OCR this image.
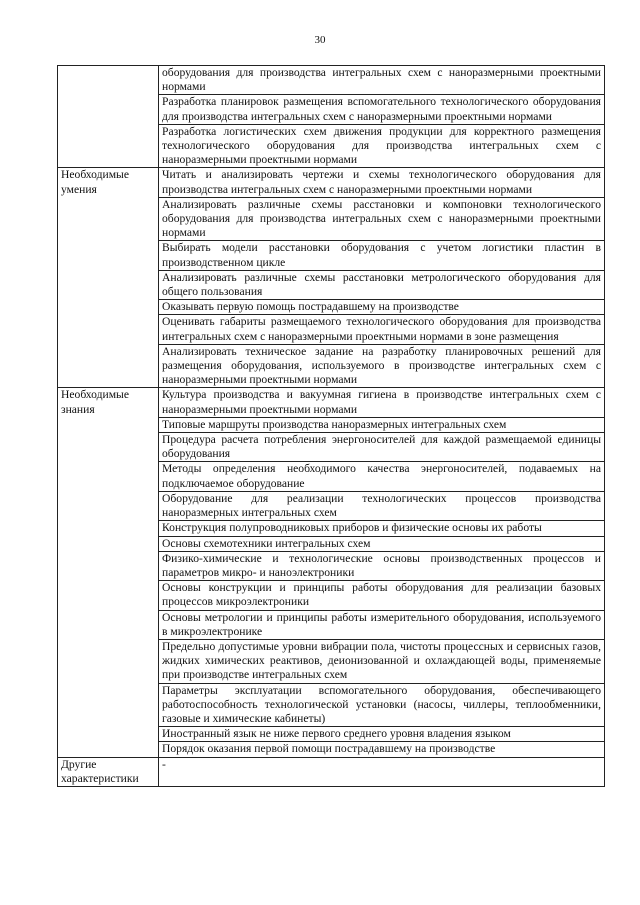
30
	оборудования для производства интегральных схем с наноразмерными проектными нормами
	Разработка планировок размещения вспомогательного технологического оборудования для производства интегральных схем с наноразмерными проектными нормами
	Разработка логистических схем движения продукции для корректного размещения технологического оборудования для производства интегральных схем с наноразмерными проектными нормами
Необходимые умения	Читать и анализировать чертежи и схемы технологического оборудования для производства интегральных схем с наноразмерными проектными нормами
	Анализировать различные схемы расстановки и компоновки технологического оборудования для производства интегральных схем с наноразмерными проектными нормами
	Выбирать модели расстановки оборудования с учетом логистики пластин в производственном цикле
	Анализировать различные схемы расстановки метрологического оборудования для общего пользования
	Оказывать первую помощь пострадавшему на производстве
	Оценивать габариты размещаемого технологического оборудования для производства интегральных схем с наноразмерными проектными нормами в зоне размещения
	Анализировать техническое задание на разработку планировочных решений для размещения оборудования, используемого в производстве интегральных схем с наноразмерными проектными нормами
Необходимые знания	Культура производства и вакуумная гигиена в производстве интегральных схем с наноразмерными проектными нормами
	Типовые маршруты производства наноразмерных интегральных схем
	Процедура расчета потребления энергоносителей для каждой размещаемой единицы оборудования
	Методы определения необходимого качества энергоносителей, подаваемых на подключаемое оборудование
	Оборудование для реализации технологических процессов производства наноразмерных интегральных схем
	Конструкция полупроводниковых приборов и физические основы их работы
	Основы схемотехники интегральных схем
	Физико-химические и технологические основы производственных процессов и параметров микро- и наноэлектроники
	Основы конструкции и принципы работы оборудования для реализации базовых процессов микроэлектроники
	Основы метрологии и принципы работы измерительного оборудования, используемого в микроэлектронике
	Предельно допустимые уровни вибрации пола, чистоты процессных и сервисных газов, жидких химических реактивов, деионизованной и охлаждающей воды, применяемые при производстве интегральных схем
	Параметры эксплуатации вспомогательного оборудования, обеспечивающего работоспособность технологической установки (насосы, чиллеры, теплообменники, газовые и химические кабинеты)
	Иностранный язык не ниже первого среднего уровня владения языком
	Порядок оказания первой помощи пострадавшему на производстве
Другие характеристики	-
